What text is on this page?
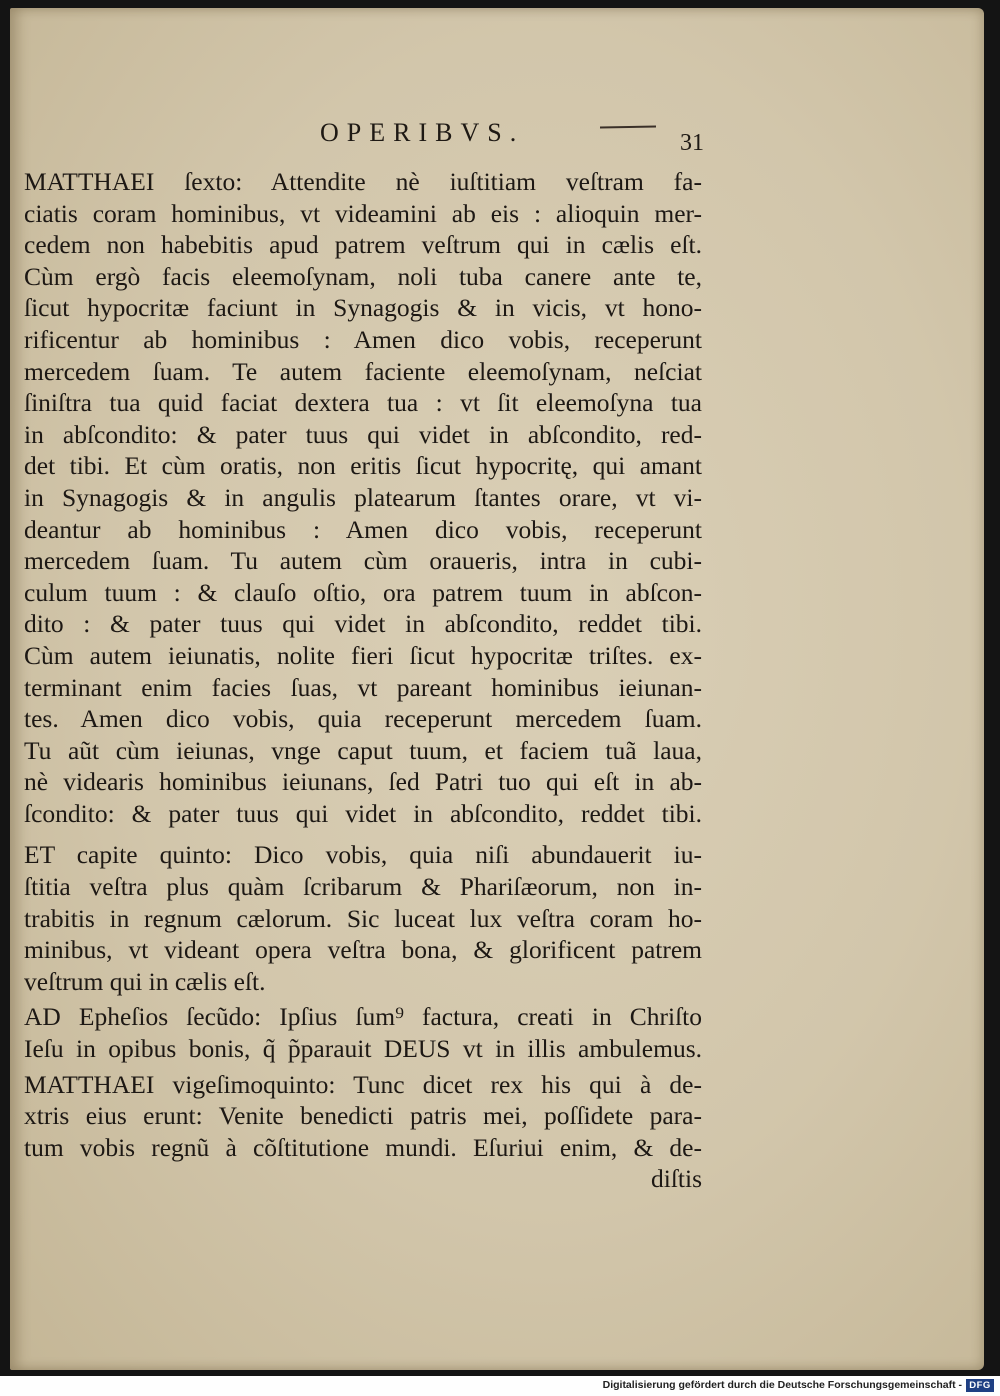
OPERIBVS.	31
MATTHAEI ſexto: Attendite nè iuſtitiam veſtram fa-
ciatis coram hominibus, vt videamini ab eis : alioquin mer-
cedem non habebitis apud patrem veſtrum qui in cælis eſt.
Cùm ergò facis eleemoſynam, noli tuba canere ante te,
ſicut hypocritæ faciunt in Synagogis & in vicis, vt hono-
rificentur ab hominibus : Amen dico vobis, receperunt
mercedem ſuam. Te autem faciente eleemoſynam, neſciat
ſiniſtra tua quid faciat dextera tua : vt ſit eleemoſyna tua
in abſcondito: & pater tuus qui videt in abſcondito, red-
det tibi. Et cùm oratis, non eritis ſicut hypocritę, qui amant
in Synagogis & in angulis platearum ſtantes orare, vt vi-
deantur ab hominibus : Amen dico vobis, receperunt
mercedem ſuam. Tu autem cùm oraueris, intra in cubi-
culum tuum : & clauſo oſtio, ora patrem tuum in abſcon-
dito : & pater tuus qui videt in abſcondito, reddet tibi.
Cùm autem ieiunatis, nolite fieri ſicut hypocritæ triſtes. ex-
terminant enim facies ſuas, vt pareant hominibus ieiunan-
tes. Amen dico vobis, quia receperunt mercedem ſuam.
Tu aũt cùm ieiunas, vnge caput tuum, et faciem tuã laua,
nè videaris hominibus ieiunans, ſed Patri tuo qui eſt in ab-
ſcondito: & pater tuus qui videt in abſcondito, reddet tibi.
ET capite quinto: Dico vobis, quia niſi abundauerit iu-
ſtitia veſtra plus quàm ſcribarum & Phariſæorum, non in-
trabitis in regnum cælorum. Sic luceat lux veſtra coram ho-
minibus, vt videant opera veſtra bona, & glorificent patrem
veſtrum qui in cælis eſt.
AD Epheſios ſecũdo: Ipſius ſum⁹ factura, creati in Chriſto
Ieſu in opibus bonis, q̃ p̃parauit DEUS vt in illis ambulemus.
MATTHAEI vigeſimoquinto: Tunc dicet rex his qui à de-
xtris eius erunt: Venite benedicti patris mei, poſſidete para-
tum vobis regnũ à cõſtitutione mundi. Eſuriui enim, & de-
diſtis
Digitalisierung gefördert durch die Deutsche Forschungsgemeinschaft - DFG
